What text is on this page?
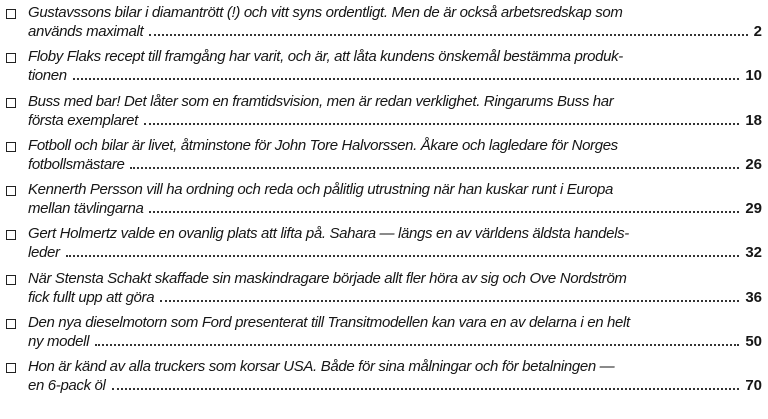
Gustavssons bilar i diamantrött (!) och vitt syns ordentligt. Men de är också arbetsredskap som
används maximalt	2
Floby Flaks recept till framgång har varit, och är, att låta kundens önskemål bestämma produk-
tionen	10
Buss med bar! Det låter som en framtidsvision, men är redan verklighet. Ringarums Buss har
första exemplaret	18
Fotboll och bilar är livet, åtminstone för John Tore Halvorssen. Åkare och lagledare för Norges
fotbollsmästare	26
Kennerth Persson vill ha ordning och reda och pålitlig utrustning när han kuskar runt i Europa
mellan tävlingarna	29
Gert Holmertz valde en ovanlig plats att lifta på. Sahara — längs en av världens äldsta handels-
leder	32
När Stensta Schakt skaffade sin maskindragare började allt fler höra av sig och Ove Nordström
fick fullt upp att göra	36
Den nya dieselmotorn som Ford presenterat till Transitmodellen kan vara en av delarna i en helt
ny modell	50
Hon är känd av alla truckers som korsar USA. Både för sina målningar och för betalningen —
en 6-pack öl	70
